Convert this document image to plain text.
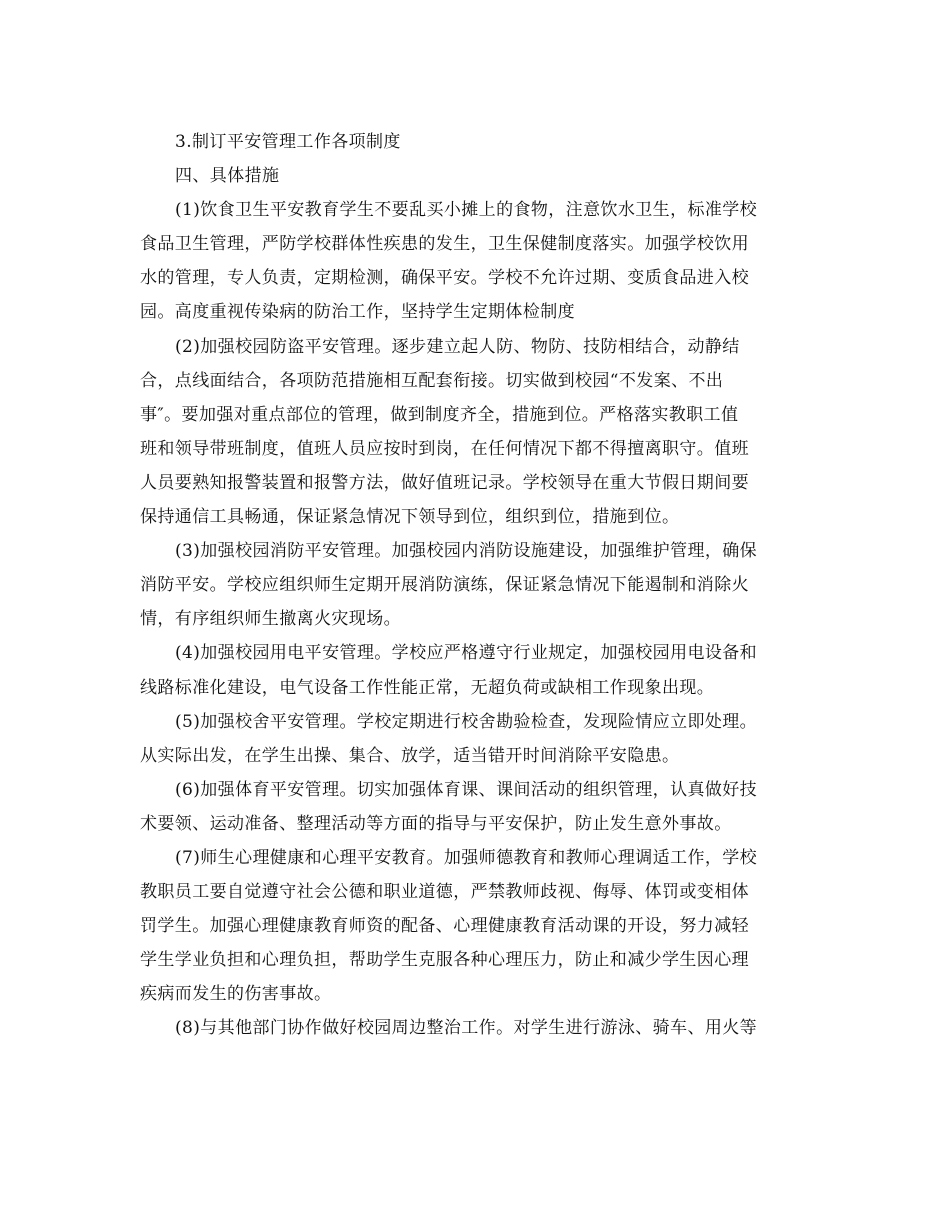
3.制订平安管理工作各项制度
四、具体措施
(1)饮食卫生平安教育学生不要乱买小摊上的食物，注意饮水卫生，标准学校
食品卫生管理，严防学校群体性疾患的发生，卫生保健制度落实。加强学校饮用
水的管理，专人负责，定期检测，确保平安。学校不允许过期、变质食品进入校
园。高度重视传染病的防治工作，坚持学生定期体检制度
(2)加强校园防盗平安管理。逐步建立起人防、物防、技防相结合，动静结
合，点线面结合，各项防范措施相互配套衔接。切实做到校园“不发案、不出
事″。要加强对重点部位的管理，做到制度齐全，措施到位。严格落实教职工值
班和领导带班制度，值班人员应按时到岗，在任何情况下都不得擅离职守。值班
人员要熟知报警装置和报警方法，做好值班记录。学校领导在重大节假日期间要
保持通信工具畅通，保证紧急情况下领导到位，组织到位，措施到位。
(3)加强校园消防平安管理。加强校园内消防设施建设，加强维护管理，确保
消防平安。学校应组织师生定期开展消防演练，保证紧急情况下能遏制和消除火
情，有序组织师生撤离火灾现场。
(4)加强校园用电平安管理。学校应严格遵守行业规定，加强校园用电设备和
线路标准化建设，电气设备工作性能正常，无超负荷或缺相工作现象出现。
(5)加强校舍平安管理。学校定期进行校舍勘验检查，发现险情应立即处理。
从实际出发，在学生出操、集合、放学，适当错开时间消除平安隐患。
(6)加强体育平安管理。切实加强体育课、课间活动的组织管理，认真做好技
术要领、运动准备、整理活动等方面的指导与平安保护，防止发生意外事故。
(7)师生心理健康和心理平安教育。加强师德教育和教师心理调适工作，学校
教职员工要自觉遵守社会公德和职业道德，严禁教师歧视、侮辱、体罚或变相体
罚学生。加强心理健康教育师资的配备、心理健康教育活动课的开设，努力减轻
学生学业负担和心理负担，帮助学生克服各种心理压力，防止和减少学生因心理
疾病而发生的伤害事故。
(8)与其他部门协作做好校园周边整治工作。对学生进行游泳、骑车、用火等
